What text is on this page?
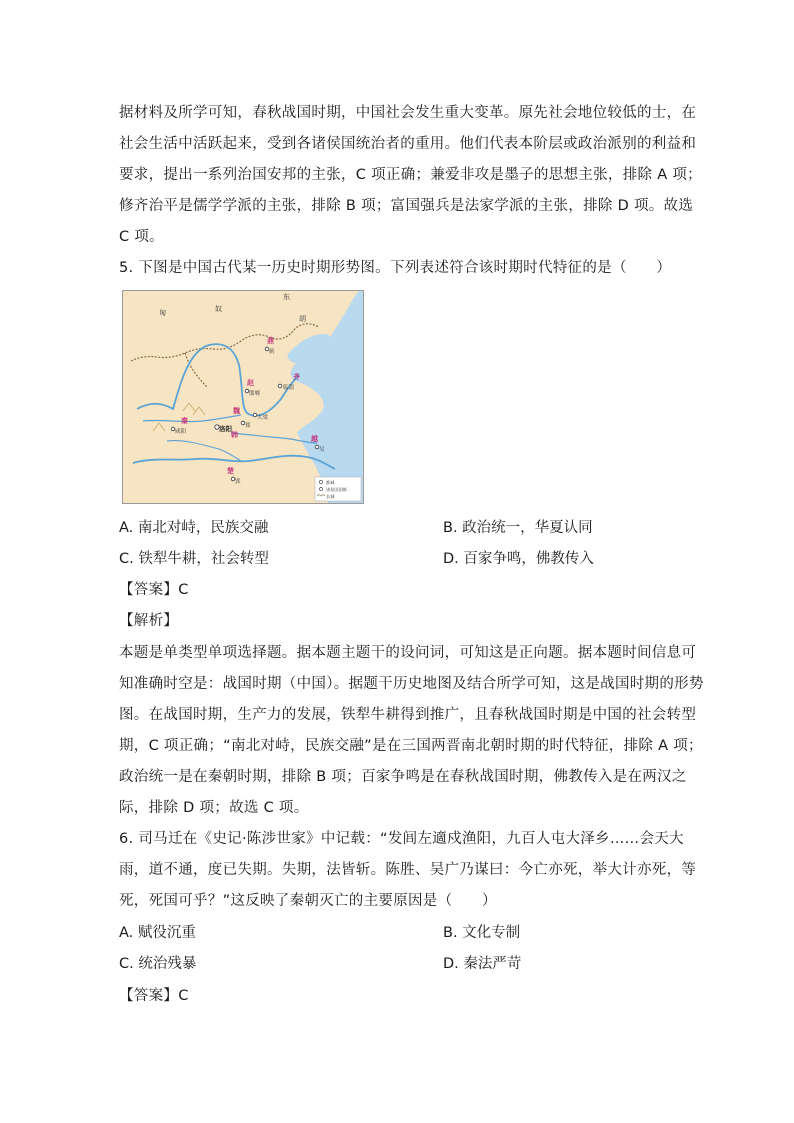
据材料及所学可知，春秋战国时期，中国社会发生重大变革。原先社会地位较低的士，在
社会生活中活跃起来，受到各诸侯国统治者的重用。他们代表本阶层或政治派别的利益和
要求，提出一系列治国安邦的主张，C 项正确；兼爱非攻是墨子的思想主张，排除 A 项；
修齐治平是儒学学派的主张，排除 B 项；富国强兵是法家学派的主张，排除 D 项。故选
C 项。
5. 下图是中国古代某一历史时期形势图。下列表述符合该时期时代特征的是（　　）
匈	奴
东
胡
燕
蓟
赵
邯郸
临淄
齐
秦
咸阳	洛阳
魏
大梁
韩
郑
楚
郢
越
吴
都城
诸侯国国都
长城
A. 南北对峙，民族交融	B. 政治统一，华夏认同
C. 铁犁牛耕，社会转型	D. 百家争鸣，佛教传入
【答案】C
【解析】
本题是单类型单项选择题。据本题主题干的设问词，可知这是正向题。据本题时间信息可
知准确时空是：战国时期（中国）。据题干历史地图及结合所学可知，这是战国时期的形势
图。在战国时期，生产力的发展，铁犁牛耕得到推广，且春秋战国时期是中国的社会转型
期，C 项正确；“南北对峙，民族交融”是在三国两晋南北朝时期的时代特征，排除 A 项；
政治统一是在秦朝时期，排除 B 项；百家争鸣是在春秋战国时期，佛教传入是在两汉之
际，排除 D 项；故选 C 项。
6. 司马迁在《史记·陈涉世家》中记载：“发闾左適戍渔阳，九百人屯大泽乡……会天大
雨，道不通，度已失期。失期，法皆斩。陈胜、吴广乃谋曰：今亡亦死，举大计亦死，等
死，死国可乎？”这反映了秦朝灭亡的主要原因是（　　）
A. 赋役沉重	B. 文化专制
C. 统治残暴	D. 秦法严苛
【答案】C
